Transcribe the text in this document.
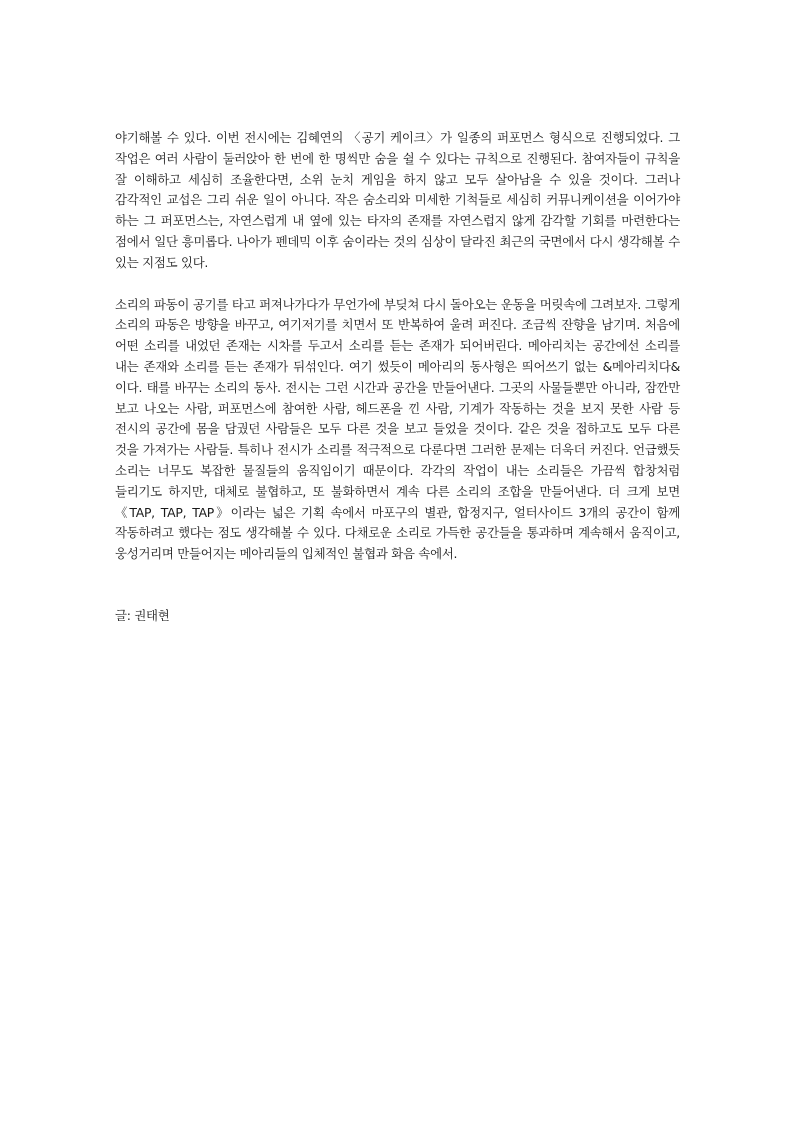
야기해볼 수 있다. 이번 전시에는 김혜연의 〈공기 케이크〉가 일종의 퍼포먼스 형식으로 진행되었다. 그 작업은 여러 사람이 둘러앉아 한 번에 한 명씩만 숨을 쉴 수 있다는 규칙으로 진행된다. 참여자들이 규칙을 잘 이해하고 세심히 조율한다면, 소위 눈치 게임을 하지 않고 모두 살아남을 수 있을 것이다. 그러나 감각적인 교섭은 그리 쉬운 일이 아니다. 작은 숨소리와 미세한 기척들로 세심히 커뮤니케이션을 이어가야 하는 그 퍼포먼스는, 자연스럽게 내 옆에 있는 타자의 존재를 자연스럽지 않게 감각할 기회를 마련한다는 점에서 일단 흥미롭다. 나아가 펜데믹 이후 숨이라는 것의 심상이 달라진 최근의 국면에서 다시 생각해볼 수 있는 지점도 있다.

소리의 파동이 공기를 타고 퍼져나가다가 무언가에 부딪쳐 다시 돌아오는 운동을 머릿속에 그려보자. 그렇게 소리의 파동은 방향을 바꾸고, 여기저기를 치면서 또 반복하여 울려 퍼진다. 조금씩 잔향을 남기며. 처음에 어떤 소리를 내었던 존재는 시차를 두고서 소리를 듣는 존재가 되어버린다. 메아리치는 공간에선 소리를 내는 존재와 소리를 듣는 존재가 뒤섞인다. 여기 썼듯이 메아리의 동사형은 띄어쓰기 없는 &메아리치다&이다. 태를 바꾸는 소리의 동사. 전시는 그런 시간과 공간을 만들어낸다. 그곳의 사물들뿐만 아니라, 잠깐만 보고 나오는 사람, 퍼포먼스에 참여한 사람, 헤드폰을 낀 사람, 기계가 작동하는 것을 보지 못한 사람 등 전시의 공간에 몸을 담궜던 사람들은 모두 다른 것을 보고 들었을 것이다. 같은 것을 접하고도 모두 다른 것을 가져가는 사람들. 특히나 전시가 소리를 적극적으로 다룬다면 그러한 문제는 더욱더 커진다. 언급했듯 소리는 너무도 복잡한 물질들의 움직임이기 때문이다. 각각의 작업이 내는 소리들은 가끔씩 합창처럼 들리기도 하지만, 대체로 불협하고, 또 불화하면서 계속 다른 소리의 조합을 만들어낸다. 더 크게 보면 《TAP, TAP, TAP》이라는 넓은 기획 속에서 마포구의 별관, 합정지구, 얼터사이드 3개의 공간이 함께 작동하려고 했다는 점도 생각해볼 수 있다. 다채로운 소리로 가득한 공간들을 통과하며 계속해서 움직이고, 웅성거리며 만들어지는 메아리들의 입체적인 불협과 화음 속에서.

글: 권태현
